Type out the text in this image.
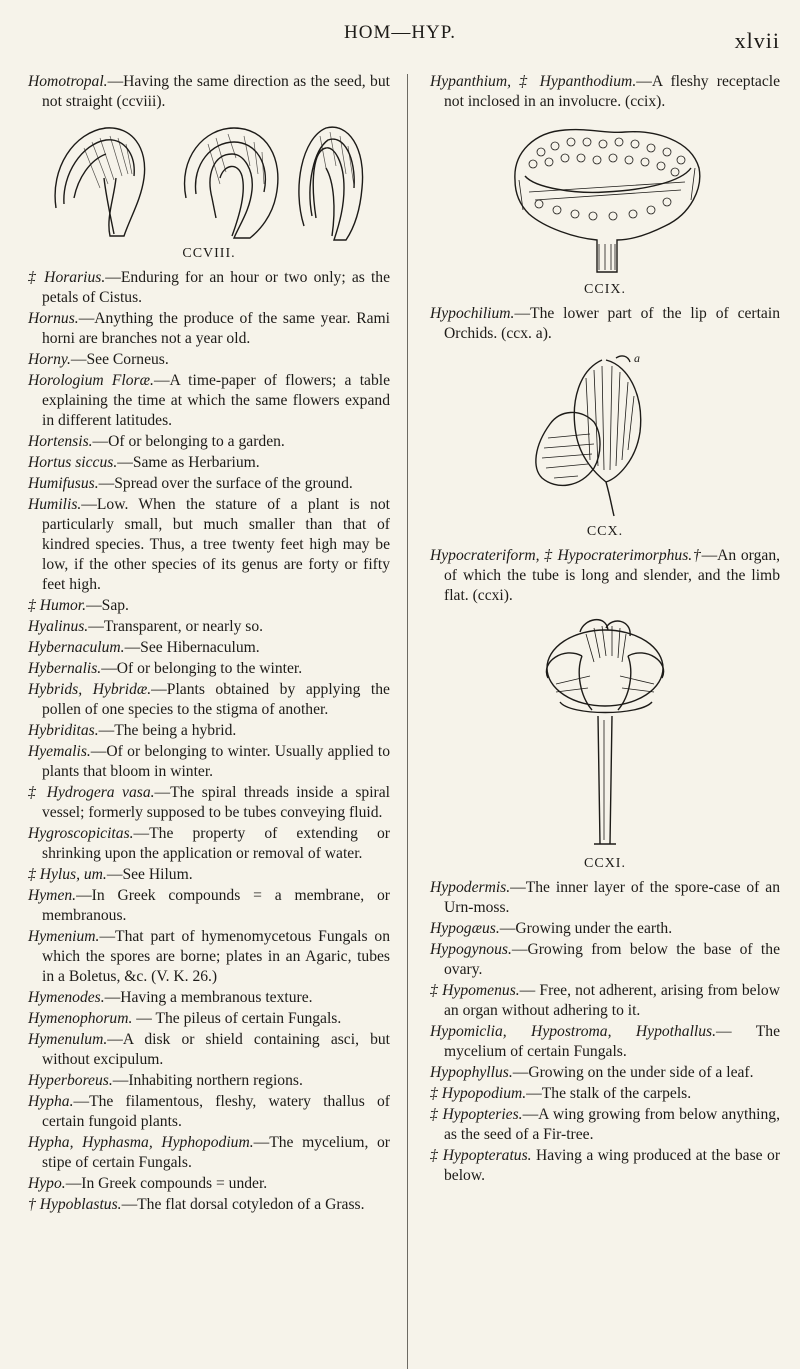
HOM—HYP.	xlvii

Homotropal.—Having the same direction as the seed, but not straight (ccviii).

CCVIII.

‡ Horarius.—Enduring for an hour or two only; as the petals of Cistus.

Hornus.—Anything the produce of the same year. Rami horni are branches not a year old.

Horny.—See Corneus.

Horologium Floræ.—A time-paper of flowers; a table explaining the time at which the same flowers expand in different latitudes.

Hortensis.—Of or belonging to a garden.

Hortus siccus.—Same as Herbarium.

Humifusus.—Spread over the surface of the ground.

Humilis.—Low. When the stature of a plant is not particularly small, but much smaller than that of kindred species. Thus, a tree twenty feet high may be low, if the other species of its genus are forty or fifty feet high.

‡ Humor.—Sap.

Hyalinus.—Transparent, or nearly so.

Hybernaculum.—See Hibernaculum.

Hybernalis.—Of or belonging to the winter.

Hybrids, Hybridæ.—Plants obtained by applying the pollen of one species to the stigma of another.

Hybriditas.—The being a hybrid.

Hyemalis.—Of or belonging to winter. Usually applied to plants that bloom in winter.

‡ Hydrogera vasa.—The spiral threads inside a spiral vessel; formerly supposed to be tubes conveying fluid.

Hygroscopicitas.—The property of extending or shrinking upon the application or removal of water.

‡ Hylus, um.—See Hilum.

Hymen.—In Greek compounds = a membrane, or membranous.

Hymenium.—That part of hymenomycetous Fungals on which the spores are borne; plates in an Agaric, tubes in a Boletus, &c. (V. K. 26.)

Hymenodes.—Having a membranous texture.

Hymenophorum. — The pileus of certain Fungals.

Hymenulum.—A disk or shield containing asci, but without excipulum.

Hyperboreus.—Inhabiting northern regions.

Hypha.—The filamentous, fleshy, watery thallus of certain fungoid plants.

Hypha, Hyphasma, Hyphopodium.—The mycelium, or stipe of certain Fungals.

Hypo.—In Greek compounds = under.

† Hypoblastus.—The flat dorsal cotyledon of a Grass.

Hypanthium, ‡ Hypanthodium.—A fleshy receptacle not inclosed in an involucre. (ccix).

CCIX.

Hypochilium.—The lower part of the lip of certain Orchids. (ccx. a).

a
CCX.

Hypocrateriform, ‡ Hypocraterimorphus.†—An organ, of which the tube is long and slender, and the limb flat. (ccxi).

CCXI.

Hypodermis.—The inner layer of the spore-case of an Urn-moss.

Hypogæus.—Growing under the earth.

Hypogynous.—Growing from below the base of the ovary.

‡ Hypomenus.— Free, not adherent, arising from below an organ without adhering to it.

Hypomiclia, Hypostroma, Hypothallus.— The mycelium of certain Fungals.

Hypophyllus.—Growing on the under side of a leaf.

‡ Hypopodium.—The stalk of the carpels.

‡ Hypopteries.—A wing growing from below anything, as the seed of a Fir-tree.

‡ Hypopteratus. Having a wing produced at the base or below.
